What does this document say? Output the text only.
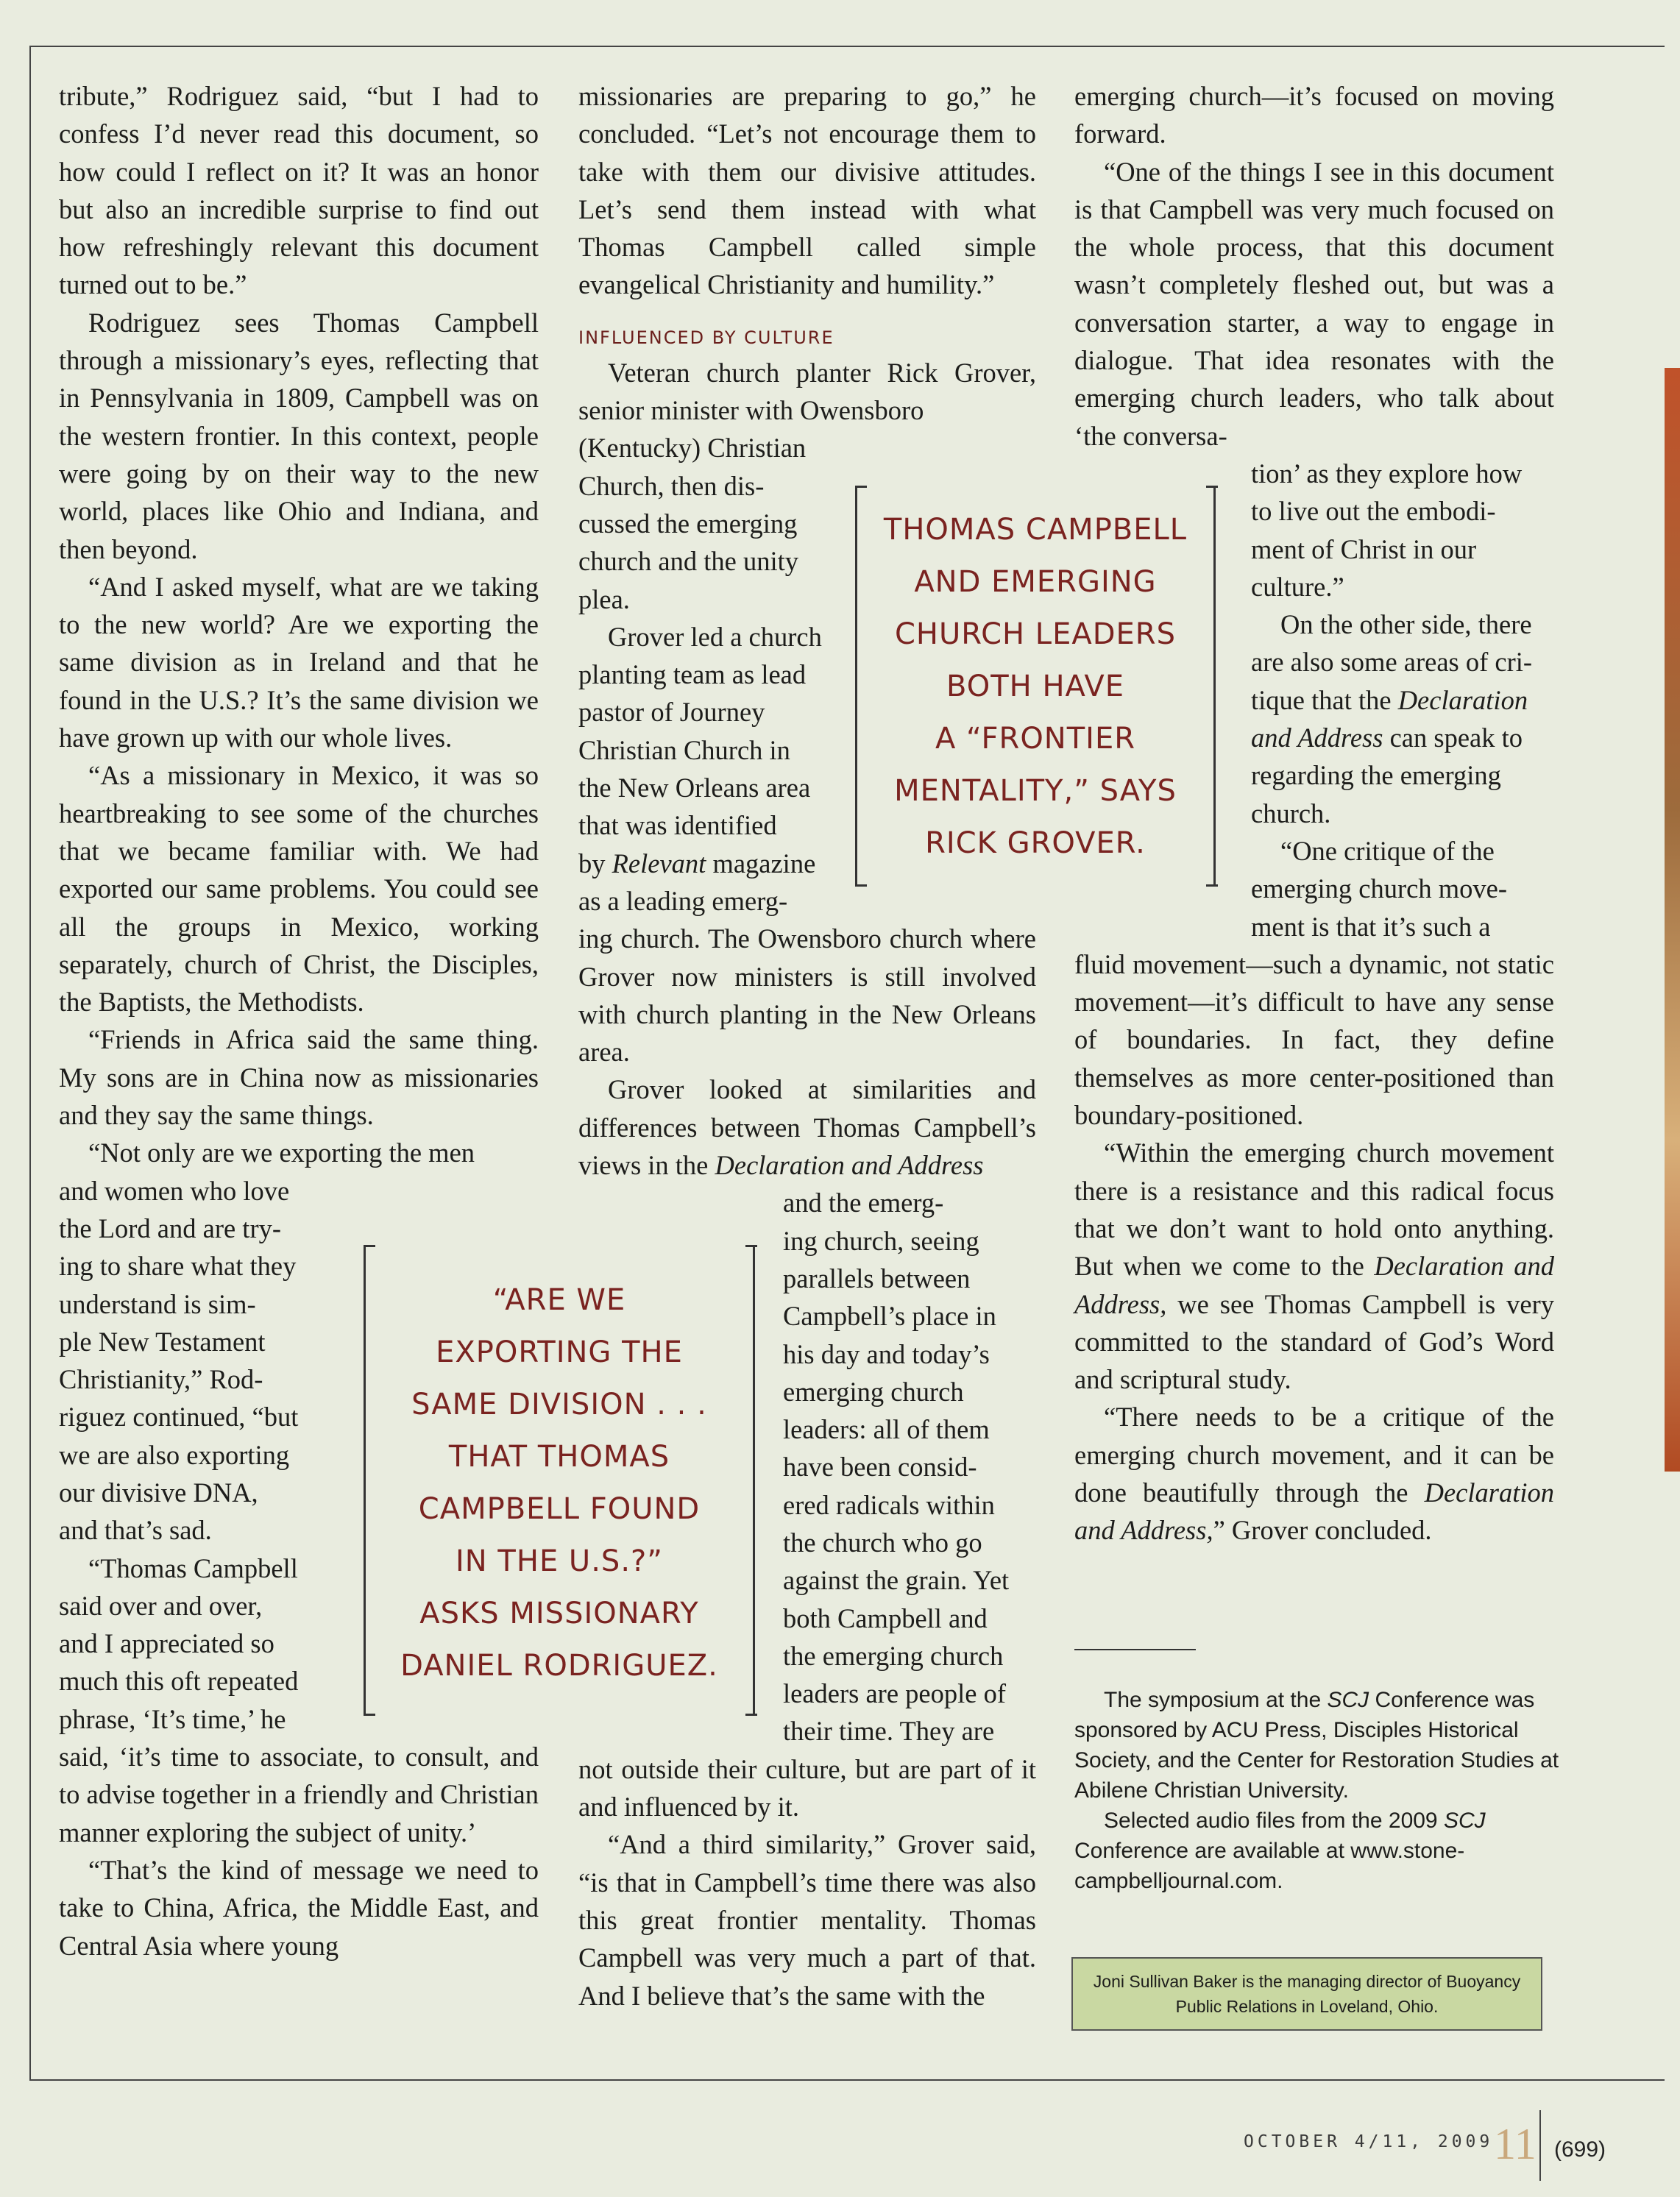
tribute,” Rodriguez said, “but I had to confess I’d never read this document, so how could I reflect on it? It was an honor but also an incredible surprise to find out how refreshingly relevant this document turned out to be.”

Rodriguez sees Thomas Campbell through a missionary’s eyes, reflecting that in Pennsylvania in 1809, Campbell was on the western frontier. In this context, people were going by on their way to the new world, places like Ohio and Indiana, and then beyond.

“And I asked myself, what are we taking to the new world? Are we exporting the same division as in Ireland and that he found in the U.S.? It’s the same division we have grown up with our whole lives.

“As a missionary in Mexico, it was so heartbreaking to see some of the churches that we became familiar with. We had exported our same problems. You could see all the groups in Mexico, working separately, church of Christ, the Disciples, the Baptists, the Methodists.

“Friends in Africa said the same thing. My sons are in China now as missionaries and they say the same things.

“Not only are we exporting the men

and women who love
the Lord and are try-
ing to share what they
understand is sim-
ple New Testament
Christianity,” Rod-
riguez continued, “but
we are also exporting
our divisive DNA,
and that’s sad.
“Thomas Campbell
said over and over,
and I appreciated so
much this oft repeated
phrase, ‘It’s time,’ he

said, ‘it’s time to associate, to consult, and to advise together in a friendly and Christian manner exploring the subject of unity.’

“That’s the kind of message we need to take to China, Africa, the Middle East, and Central Asia where young

missionaries are preparing to go,” he concluded. “Let’s not encourage them to take with them our divisive attitudes. Let’s send them instead with what Thomas Campbell called simple evangelical Christianity and humility.”

INFLUENCED BY CULTURE

Veteran church planter Rick Grover, senior minister with Owensboro

(Kentucky) Christian
Church, then dis-
cussed the emerging
church and the unity
plea.
Grover led a church
planting team as lead
pastor of Journey
Christian Church in
the New Orleans area
that was identified
by Relevant magazine
as a leading emerg-

ing church. The Owensboro church where Grover now ministers is still involved with church planting in the New Orleans area.

Grover looked at similarities and differences between Thomas Campbell’s views in the Declaration and Address

and the emerg-
ing church, seeing
parallels between
Campbell’s place in
his day and today’s
emerging church
leaders: all of them
have been consid-
ered radicals within
the church who go
against the grain. Yet
both Campbell and
the emerging church
leaders are people of
their time. They are

not outside their culture, but are part of it and influenced by it.

“And a third similarity,” Grover said, “is that in Campbell’s time there was also this great frontier mentality. Thomas Campbell was very much a part of that. And I believe that’s the same with the

emerging church—it’s focused on moving forward.

“One of the things I see in this document is that Campbell was very much focused on the whole process, that this document wasn’t completely fleshed out, but was a conversation starter, a way to engage in dialogue. That idea resonates with the emerging church leaders, who talk about ‘the conversa-

tion’ as they explore how
to live out the embodi-
ment of Christ in our
culture.”
On the other side, there
are also some areas of cri-
tique that the Declaration
and Address can speak to
regarding the emerging
church.
“One critique of the
emerging church move-
ment is that it’s such a

fluid movement—such a dynamic, not static movement—it’s difficult to have any sense of boundaries. In fact, they define themselves as more center-positioned than boundary-positioned.

“Within the emerging church movement there is a resistance and this radical focus that we don’t want to hold onto anything. But when we come to the Declaration and Address, we see Thomas Campbell is very committed to the standard of God’s Word and scriptural study.

“There needs to be a critique of the emerging church movement, and it can be done beautifully through the Declaration and Address,” Grover concluded.

THOMAS CAMPBELL
AND EMERGING
CHURCH LEADERS
BOTH HAVE
A “FRONTIER
MENTALITY,” SAYS
RICK GROVER.
“ARE WE
EXPORTING THE
SAME DIVISION . . .
THAT THOMAS
CAMPBELL FOUND
IN THE U.S.?”
ASKS MISSIONARY
DANIEL RODRIGUEZ.

The symposium at the SCJ Conference was sponsored by ACU Press, Disciples Historical Society, and the Center for Restoration Studies at Abilene Christian University.

Selected audio files from the 2009 SCJ Conference are available at www.stone-campbelljournal.com.

Joni Sullivan Baker is the managing director of Buoyancy Public Relations in Loveland, Ohio.
OCTOBER 4/11, 2009 11 (699)
